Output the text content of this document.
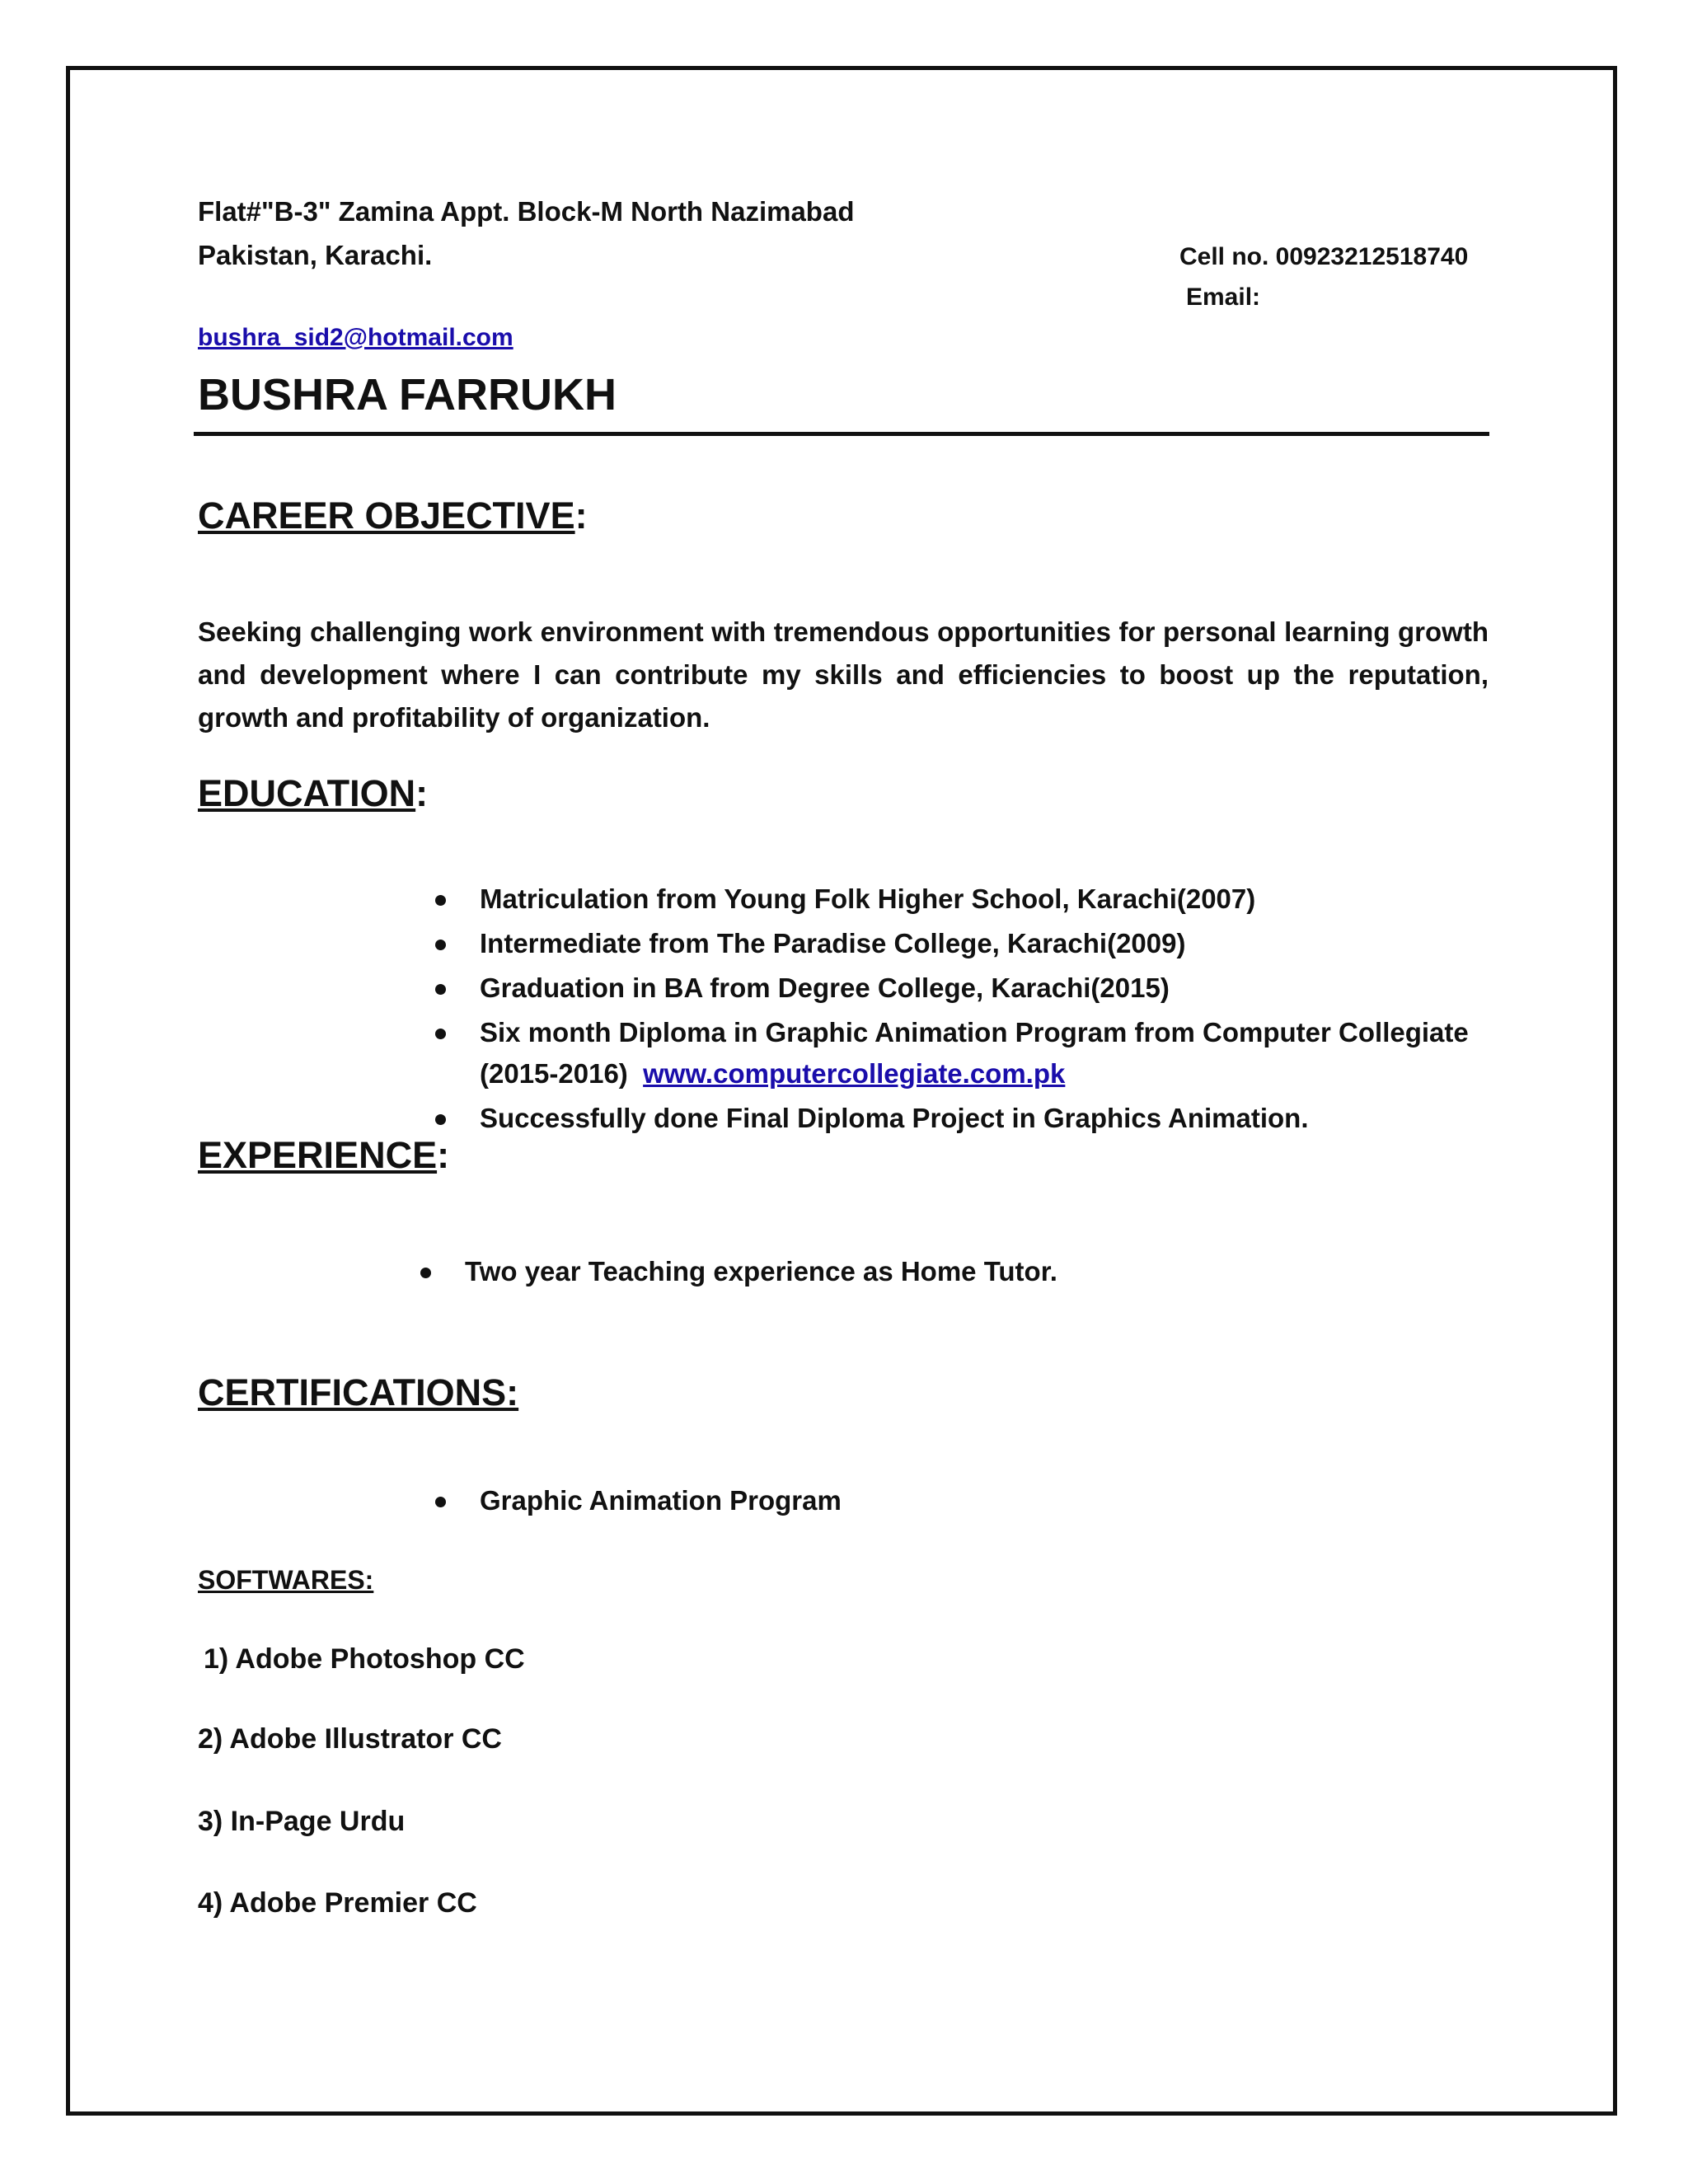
Flat#"B-3" Zamina Appt. Block-M North Nazimabad
Pakistan, Karachi.	Cell no. 00923212518740
Email:
bushra_sid2@hotmail.com
BUSHRA FARRUKH
CAREER OBJECTIVE:

Seeking challenging work environment with tremendous opportunities for personal learning growth and development where I can contribute my skills and efficiencies to boost up the reputation, growth and profitability of organization.

EDUCATION:
Matriculation from Young Folk Higher School, Karachi(2007)
Intermediate from The Paradise College, Karachi(2009)
Graduation in BA from Degree College, Karachi(2015)
Six month Diploma in Graphic Animation Program from Computer Collegiate (2015-2016) www.computercollegiate.com.pk
Successfully done Final Diploma Project in Graphics Animation.
EXPERIENCE:
Two year Teaching experience as Home Tutor.
CERTIFICATIONS:
Graphic Animation Program
SOFTWARES:
1) Adobe Photoshop CC
2) Adobe Illustrator CC
3) In-Page Urdu
4) Adobe Premier CC
